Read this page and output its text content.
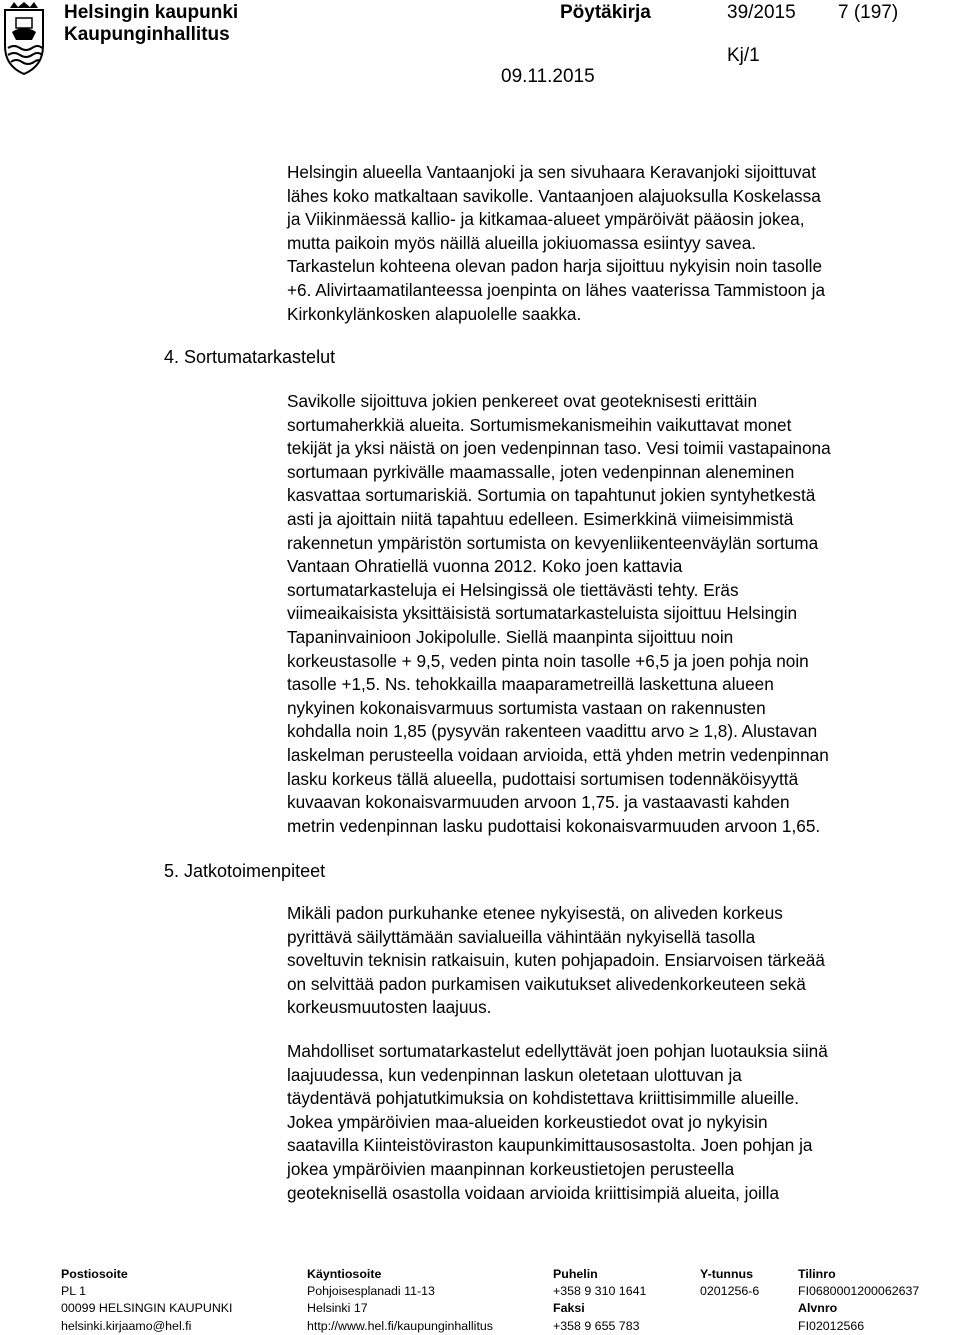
Helsingin kaupunki
Kaupunginhallitus
Pöytäkirja	39/2015 7 (197)
Kj/1
09.11.2015
4. Sortumatarkastelut
5. Jatkotoimenpiteet

Helsingin alueella Vantaanjoki ja sen sivuhaara Keravanjoki sijoittuvat
lähes koko matkaltaan savikolle. Vantaanjoen alajuoksulla Koskelassa
ja Viikinmäessä kallio- ja kitkamaa-alueet ympäröivät pääosin jokea,
mutta paikoin myös näillä alueilla jokiuomassa esiintyy savea.
Tarkastelun kohteena olevan padon harja sijoittuu nykyisin noin tasolle
+6. Alivirtaamatilanteessa joenpinta on lähes vaaterissa Tammistoon ja
Kirkonkylänkosken alapuolelle saakka.

Savikolle sijoittuva jokien penkereet ovat geoteknisesti erittäin
sortumaherkkiä alueita. Sortumismekanismeihin vaikuttavat monet
tekijät ja yksi näistä on joen vedenpinnan taso. Vesi toimii vastapainona
sortumaan pyrkivälle maamassalle, joten vedenpinnan aleneminen
kasvattaa sortumariskiä. Sortumia on tapahtunut jokien syntyhetkestä
asti ja ajoittain niitä tapahtuu edelleen. Esimerkkinä viimeisimmistä
rakennetun ympäristön sortumista on kevyenliikenteenväylän sortuma
Vantaan Ohratiellä vuonna 2012. Koko joen kattavia
sortumatarkasteluja ei Helsingissä ole tiettävästi tehty. Eräs
viimeaikaisista yksittäisistä sortumatarkasteluista sijoittuu Helsingin
Tapaninvainioon Jokipolulle. Siellä maanpinta sijoittuu noin
korkeustasolle + 9,5, veden pinta noin tasolle +6,5 ja joen pohja noin
tasolle +1,5. Ns. tehokkailla maaparametreillä laskettuna alueen
nykyinen kokonaisvarmuus sortumista vastaan on rakennusten
kohdalla noin 1,85 (pysyvän rakenteen vaadittu arvo ≥ 1,8). Alustavan
laskelman perusteella voidaan arvioida, että yhden metrin vedenpinnan
lasku korkeus tällä alueella, pudottaisi sortumisen todennäköisyyttä
kuvaavan kokonaisvarmuuden arvoon 1,75. ja vastaavasti kahden
metrin vedenpinnan lasku pudottaisi kokonaisvarmuuden arvoon 1,65.

Mikäli padon purkuhanke etenee nykyisestä, on aliveden korkeus
pyrittävä säilyttämään savialueilla vähintään nykyisellä tasolla
soveltuvin teknisin ratkaisuin, kuten pohjapadoin. Ensiarvoisen tärkeää
on selvittää padon purkamisen vaikutukset alivedenkorkeuteen sekä
korkeusmuutosten laajuus.

Mahdolliset sortumatarkastelut edellyttävät joen pohjan luotauksia siinä
laajuudessa, kun vedenpinnan laskun oletetaan ulottuvan ja
täydentävä pohjatutkimuksia on kohdistettava kriittisimmille alueille.
Jokea ympäröivien maa-alueiden korkeustiedot ovat jo nykyisin
saatavilla Kiinteistöviraston kaupunkimittausosastolta. Joen pohjan ja
jokea ympäröivien maanpinnan korkeustietojen perusteella
geoteknisellä osastolla voidaan arvioida kriittisimpiä alueita, joilla

Postiosoite
PL 1
00099 HELSINGIN KAUPUNKI
helsinki.kirjaamo@hel.fi
Käyntiosoite
Pohjoisesplanadi 11-13
Helsinki 17
http://www.hel.fi/kaupunginhallitus
Puhelin
+358 9 310 1641
Faksi
+358 9 655 783
Y-tunnus
0201256-6
Tilinro
FI0680001200062637
Alvnro
FI02012566
